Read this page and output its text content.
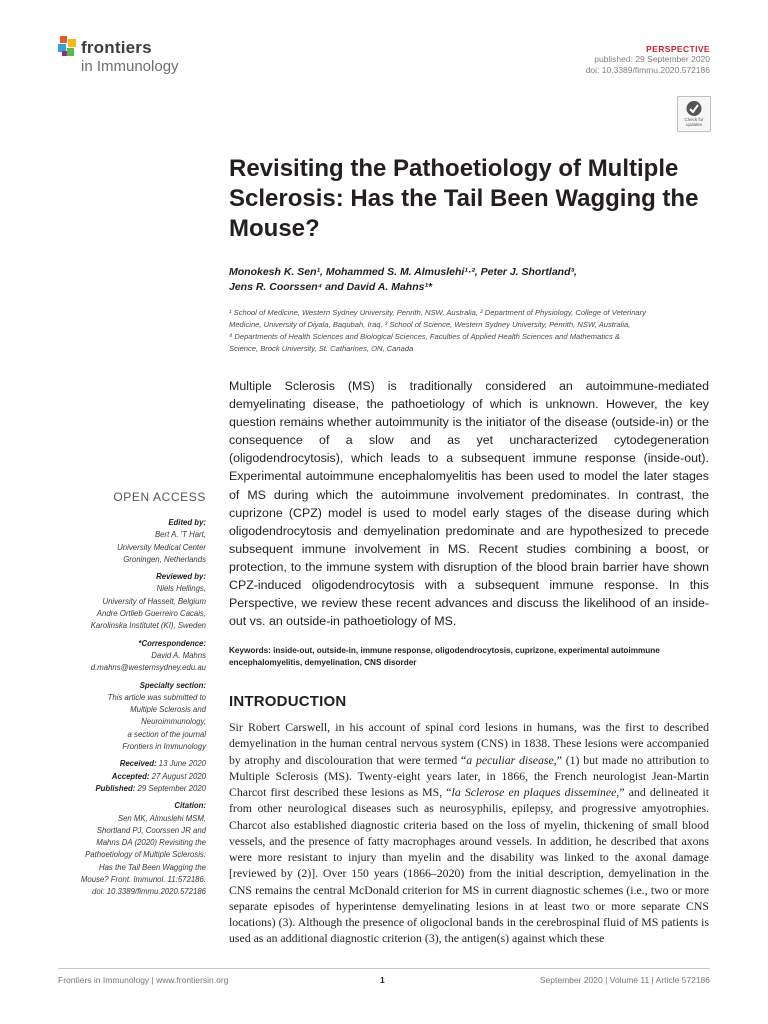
frontiers
in Immunology
PERSPECTIVE
published: 29 September 2020
doi: 10.3389/fimmu.2020.572186
Check for
updates
Revisiting the Pathoetiology of Multiple Sclerosis: Has the Tail Been Wagging the Mouse?
Monokesh K. Sen¹, Mohammed S. M. Almuslehi¹·², Peter J. Shortland³,
Jens R. Coorssen⁴ and David A. Mahns¹*
¹ School of Medicine, Western Sydney University, Penrith, NSW, Australia, ² Department of Physiology, College of Veterinary
Medicine, University of Diyala, Baqubah, Iraq, ³ School of Science, Western Sydney University, Penrith, NSW, Australia,
⁴ Departments of Health Sciences and Biological Sciences, Faculties of Applied Health Sciences and Mathematics &
Science, Brock University, St. Catharines, ON, Canada
Multiple Sclerosis (MS) is traditionally considered an autoimmune-mediated demyelinating disease, the pathoetiology of which is unknown. However, the key question remains whether autoimmunity is the initiator of the disease (outside-in) or the consequence of a slow and as yet uncharacterized cytodegeneration (oligodendrocytosis), which leads to a subsequent immune response (inside-out). Experimental autoimmune encephalomyelitis has been used to model the later stages of MS during which the autoimmune involvement predominates. In contrast, the cuprizone (CPZ) model is used to model early stages of the disease during which oligodendrocytosis and demyelination predominate and are hypothesized to precede subsequent immune involvement in MS. Recent studies combining a boost, or protection, to the immune system with disruption of the blood brain barrier have shown CPZ-induced oligodendrocytosis with a subsequent immune response. In this Perspective, we review these recent advances and discuss the likelihood of an inside-out vs. an outside-in pathoetiology of MS.
Keywords: inside-out, outside-in, immune response, oligodendrocytosis, cuprizone, experimental autoimmune encephalomyelitis, demyelination, CNS disorder
INTRODUCTION

Sir Robert Carswell, in his account of spinal cord lesions in humans, was the first to described demyelination in the human central nervous system (CNS) in 1838. These lesions were accompanied by atrophy and discolouration that were termed “a peculiar disease,” (1) but made no attribution to Multiple Sclerosis (MS). Twenty-eight years later, in 1866, the French neurologist Jean-Martin Charcot first described these lesions as MS, “la Sclerose en plaques disseminee,” and delineated it from other neurological diseases such as neurosyphilis, epilepsy, and progressive amyotrophies. Charcot also established diagnostic criteria based on the loss of myelin, thickening of small blood vessels, and the presence of fatty macrophages around vessels. In addition, he described that axons were more resistant to injury than myelin and the disability was linked to the axonal damage [reviewed by (2)]. Over 150 years (1866–2020) from the initial description, demyelination in the CNS remains the central McDonald criterion for MS in current diagnostic schemes (i.e., two or more separate episodes of hyperintense demyelinating lesions in at least two or more separate CNS locations) (3). Although the presence of oligoclonal bands in the cerebrospinal fluid of MS patients is used as an additional diagnostic criterion (3), the antigen(s) against which these

OPEN ACCESS
Edited by:
Bert A. 'T Hart,
University Medical Center
Groningen, Netherlands
Reviewed by:
Niels Hellings,
University of Hasselt, Belgium
Andre Ortlieb Guerreiro Cacais,
Karolinska Institutet (KI), Sweden
*Correspondence:
David A. Mahns
d.mahns@westernsydney.edu.au
Specialty section:
This article was submitted to
Multiple Sclerosis and
Neuroimmunology,
a section of the journal
Frontiers in Immunology
Received: 13 June 2020
Accepted: 27 August 2020
Published: 29 September 2020
Citation:
Sen MK, Almuslehi MSM,
Shortland PJ, Coorssen JR and
Mahns DA (2020) Revisiting the
Pathoetiology of Multiple Sclerosis:
Has the Tail Been Wagging the
Mouse? Front. Immunol. 11:572186.
doi: 10.3389/fimmu.2020.572186
Frontiers in Immunology | www.frontiersin.org	1	September 2020 | Volume 11 | Article 572186
